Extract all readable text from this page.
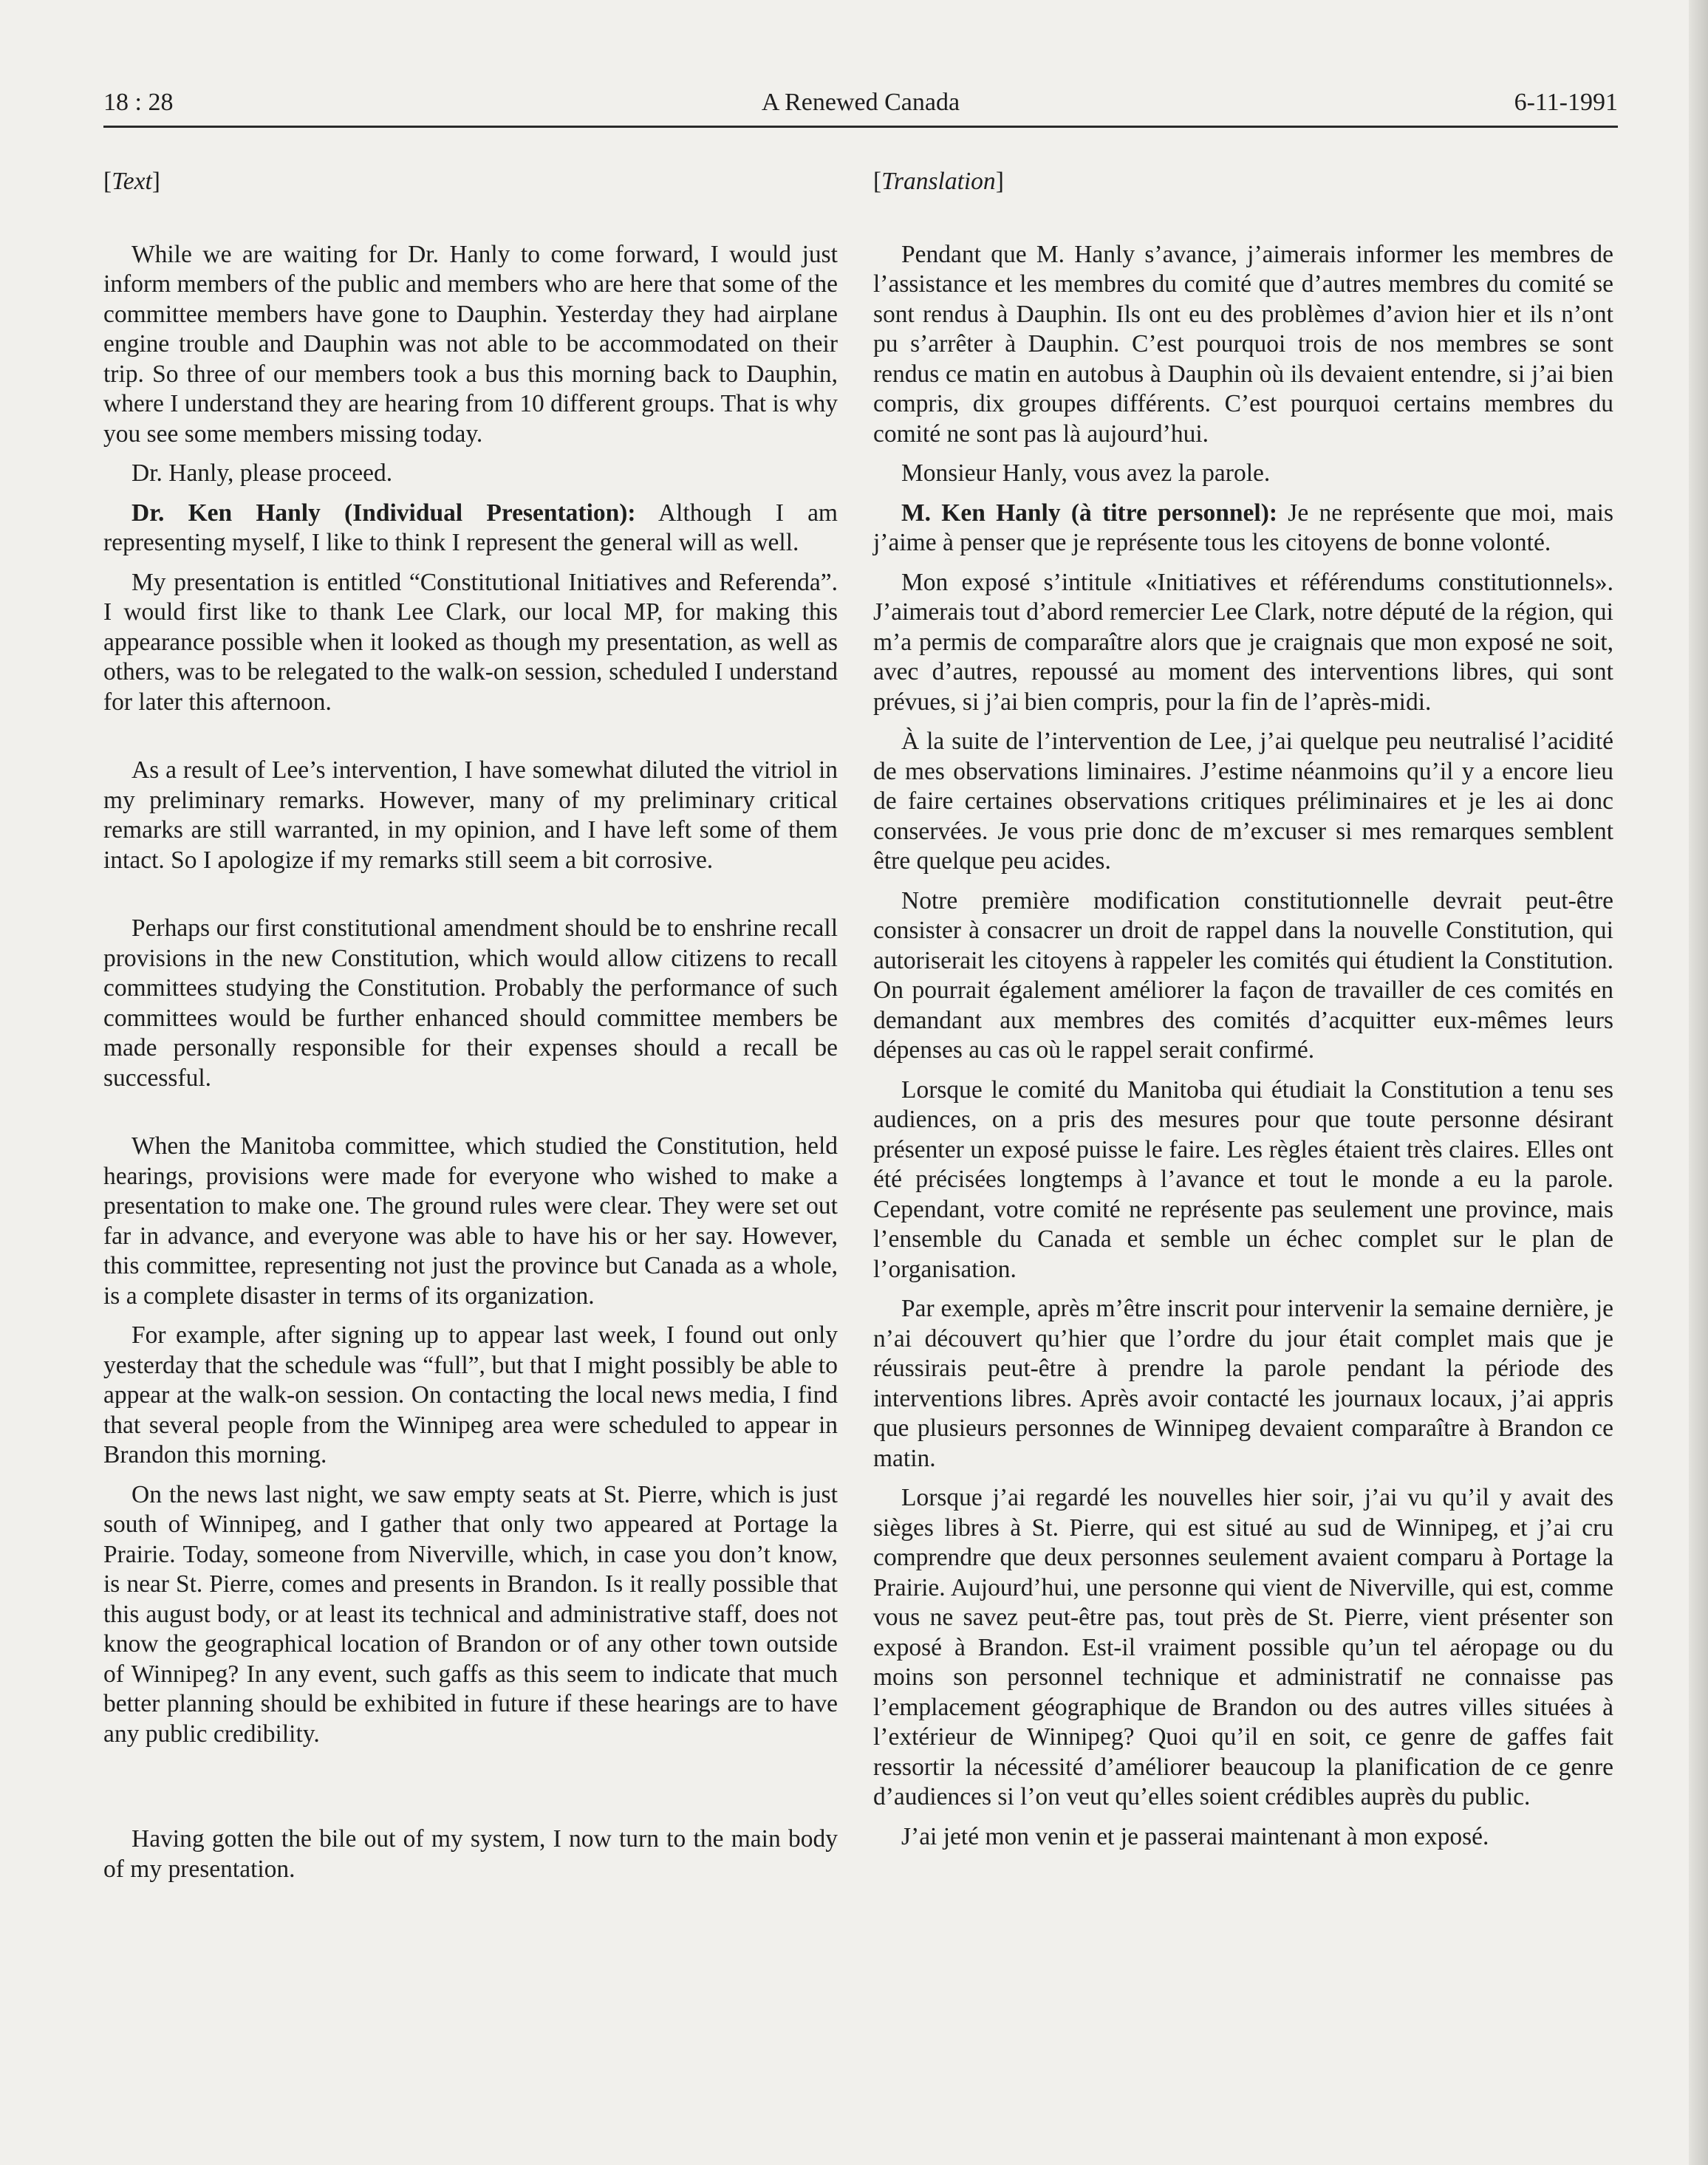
18 : 28	A Renewed Canada	6-11-1991
[Text]

While we are waiting for Dr. Hanly to come forward, I would just inform members of the public and members who are here that some of the committee members have gone to Dauphin. Yesterday they had airplane engine trouble and Dauphin was not able to be accommodated on their trip. So three of our members took a bus this morning back to Dauphin, where I understand they are hearing from 10 different groups. That is why you see some members missing today.

Dr. Hanly, please proceed.

Dr. Ken Hanly (Individual Presentation): Although I am representing myself, I like to think I represent the general will as well.

My presentation is entitled “Constitutional Initiatives and Referenda”. I would first like to thank Lee Clark, our local MP, for making this appearance possible when it looked as though my presentation, as well as others, was to be relegated to the walk-on session, scheduled I understand for later this afternoon.

As a result of Lee’s intervention, I have somewhat diluted the vitriol in my preliminary remarks. However, many of my preliminary critical remarks are still warranted, in my opinion, and I have left some of them intact. So I apologize if my remarks still seem a bit corrosive.

Perhaps our first constitutional amendment should be to enshrine recall provisions in the new Constitution, which would allow citizens to recall committees studying the Constitution. Probably the performance of such committees would be further enhanced should committee members be made personally responsible for their expenses should a recall be successful.

When the Manitoba committee, which studied the Constitution, held hearings, provisions were made for everyone who wished to make a presentation to make one. The ground rules were clear. They were set out far in advance, and everyone was able to have his or her say. However, this committee, representing not just the province but Canada as a whole, is a complete disaster in terms of its organization.

For example, after signing up to appear last week, I found out only yesterday that the schedule was “full”, but that I might possibly be able to appear at the walk-on session. On contacting the local news media, I find that several people from the Winnipeg area were scheduled to appear in Brandon this morning.

On the news last night, we saw empty seats at St. Pierre, which is just south of Winnipeg, and I gather that only two appeared at Portage la Prairie. Today, someone from Niverville, which, in case you don’t know, is near St. Pierre, comes and presents in Brandon. Is it really possible that this august body, or at least its technical and administrative staff, does not know the geographical location of Brandon or of any other town outside of Winnipeg? In any event, such gaffs as this seem to indicate that much better planning should be exhibited in future if these hearings are to have any public credibility.

Having gotten the bile out of my system, I now turn to the main body of my presentation.

[Translation]

Pendant que M. Hanly s’avance, j’aimerais informer les membres de l’assistance et les membres du comité que d’autres membres du comité se sont rendus à Dauphin. Ils ont eu des problèmes d’avion hier et ils n’ont pu s’arrêter à Dauphin. C’est pourquoi trois de nos membres se sont rendus ce matin en autobus à Dauphin où ils devaient entendre, si j’ai bien compris, dix groupes différents. C’est pourquoi certains membres du comité ne sont pas là aujourd’hui.

Monsieur Hanly, vous avez la parole.

M. Ken Hanly (à titre personnel): Je ne représente que moi, mais j’aime à penser que je représente tous les citoyens de bonne volonté.

Mon exposé s’intitule «Initiatives et référendums constitutionnels». J’aimerais tout d’abord remercier Lee Clark, notre député de la région, qui m’a permis de comparaître alors que je craignais que mon exposé ne soit, avec d’autres, repoussé au moment des interventions libres, qui sont prévues, si j’ai bien compris, pour la fin de l’après-midi.

À la suite de l’intervention de Lee, j’ai quelque peu neutralisé l’acidité de mes observations liminaires. J’estime néanmoins qu’il y a encore lieu de faire certaines observations critiques préliminaires et je les ai donc conservées. Je vous prie donc de m’excuser si mes remarques semblent être quelque peu acides.

Notre première modification constitutionnelle devrait peut-être consister à consacrer un droit de rappel dans la nouvelle Constitution, qui autoriserait les citoyens à rappeler les comités qui étudient la Constitution. On pourrait également améliorer la façon de travailler de ces comités en demandant aux membres des comités d’acquitter eux-mêmes leurs dépenses au cas où le rappel serait confirmé.

Lorsque le comité du Manitoba qui étudiait la Constitution a tenu ses audiences, on a pris des mesures pour que toute personne désirant présenter un exposé puisse le faire. Les règles étaient très claires. Elles ont été précisées longtemps à l’avance et tout le monde a eu la parole. Cependant, votre comité ne représente pas seulement une province, mais l’ensemble du Canada et semble un échec complet sur le plan de l’organisation.

Par exemple, après m’être inscrit pour intervenir la semaine dernière, je n’ai découvert qu’hier que l’ordre du jour était complet mais que je réussirais peut-être à prendre la parole pendant la période des interventions libres. Après avoir contacté les journaux locaux, j’ai appris que plusieurs personnes de Winnipeg devaient comparaître à Brandon ce matin.

Lorsque j’ai regardé les nouvelles hier soir, j’ai vu qu’il y avait des sièges libres à St. Pierre, qui est situé au sud de Winnipeg, et j’ai cru comprendre que deux personnes seulement avaient comparu à Portage la Prairie. Aujourd’hui, une personne qui vient de Niverville, qui est, comme vous ne savez peut-être pas, tout près de St. Pierre, vient présenter son exposé à Brandon. Est-il vraiment possible qu’un tel aéropage ou du moins son personnel technique et administratif ne connaisse pas l’emplacement géographique de Brandon ou des autres villes situées à l’extérieur de Winnipeg? Quoi qu’il en soit, ce genre de gaffes fait ressortir la nécessité d’améliorer beaucoup la planification de ce genre d’audiences si l’on veut qu’elles soient crédibles auprès du public.

J’ai jeté mon venin et je passerai maintenant à mon exposé.
